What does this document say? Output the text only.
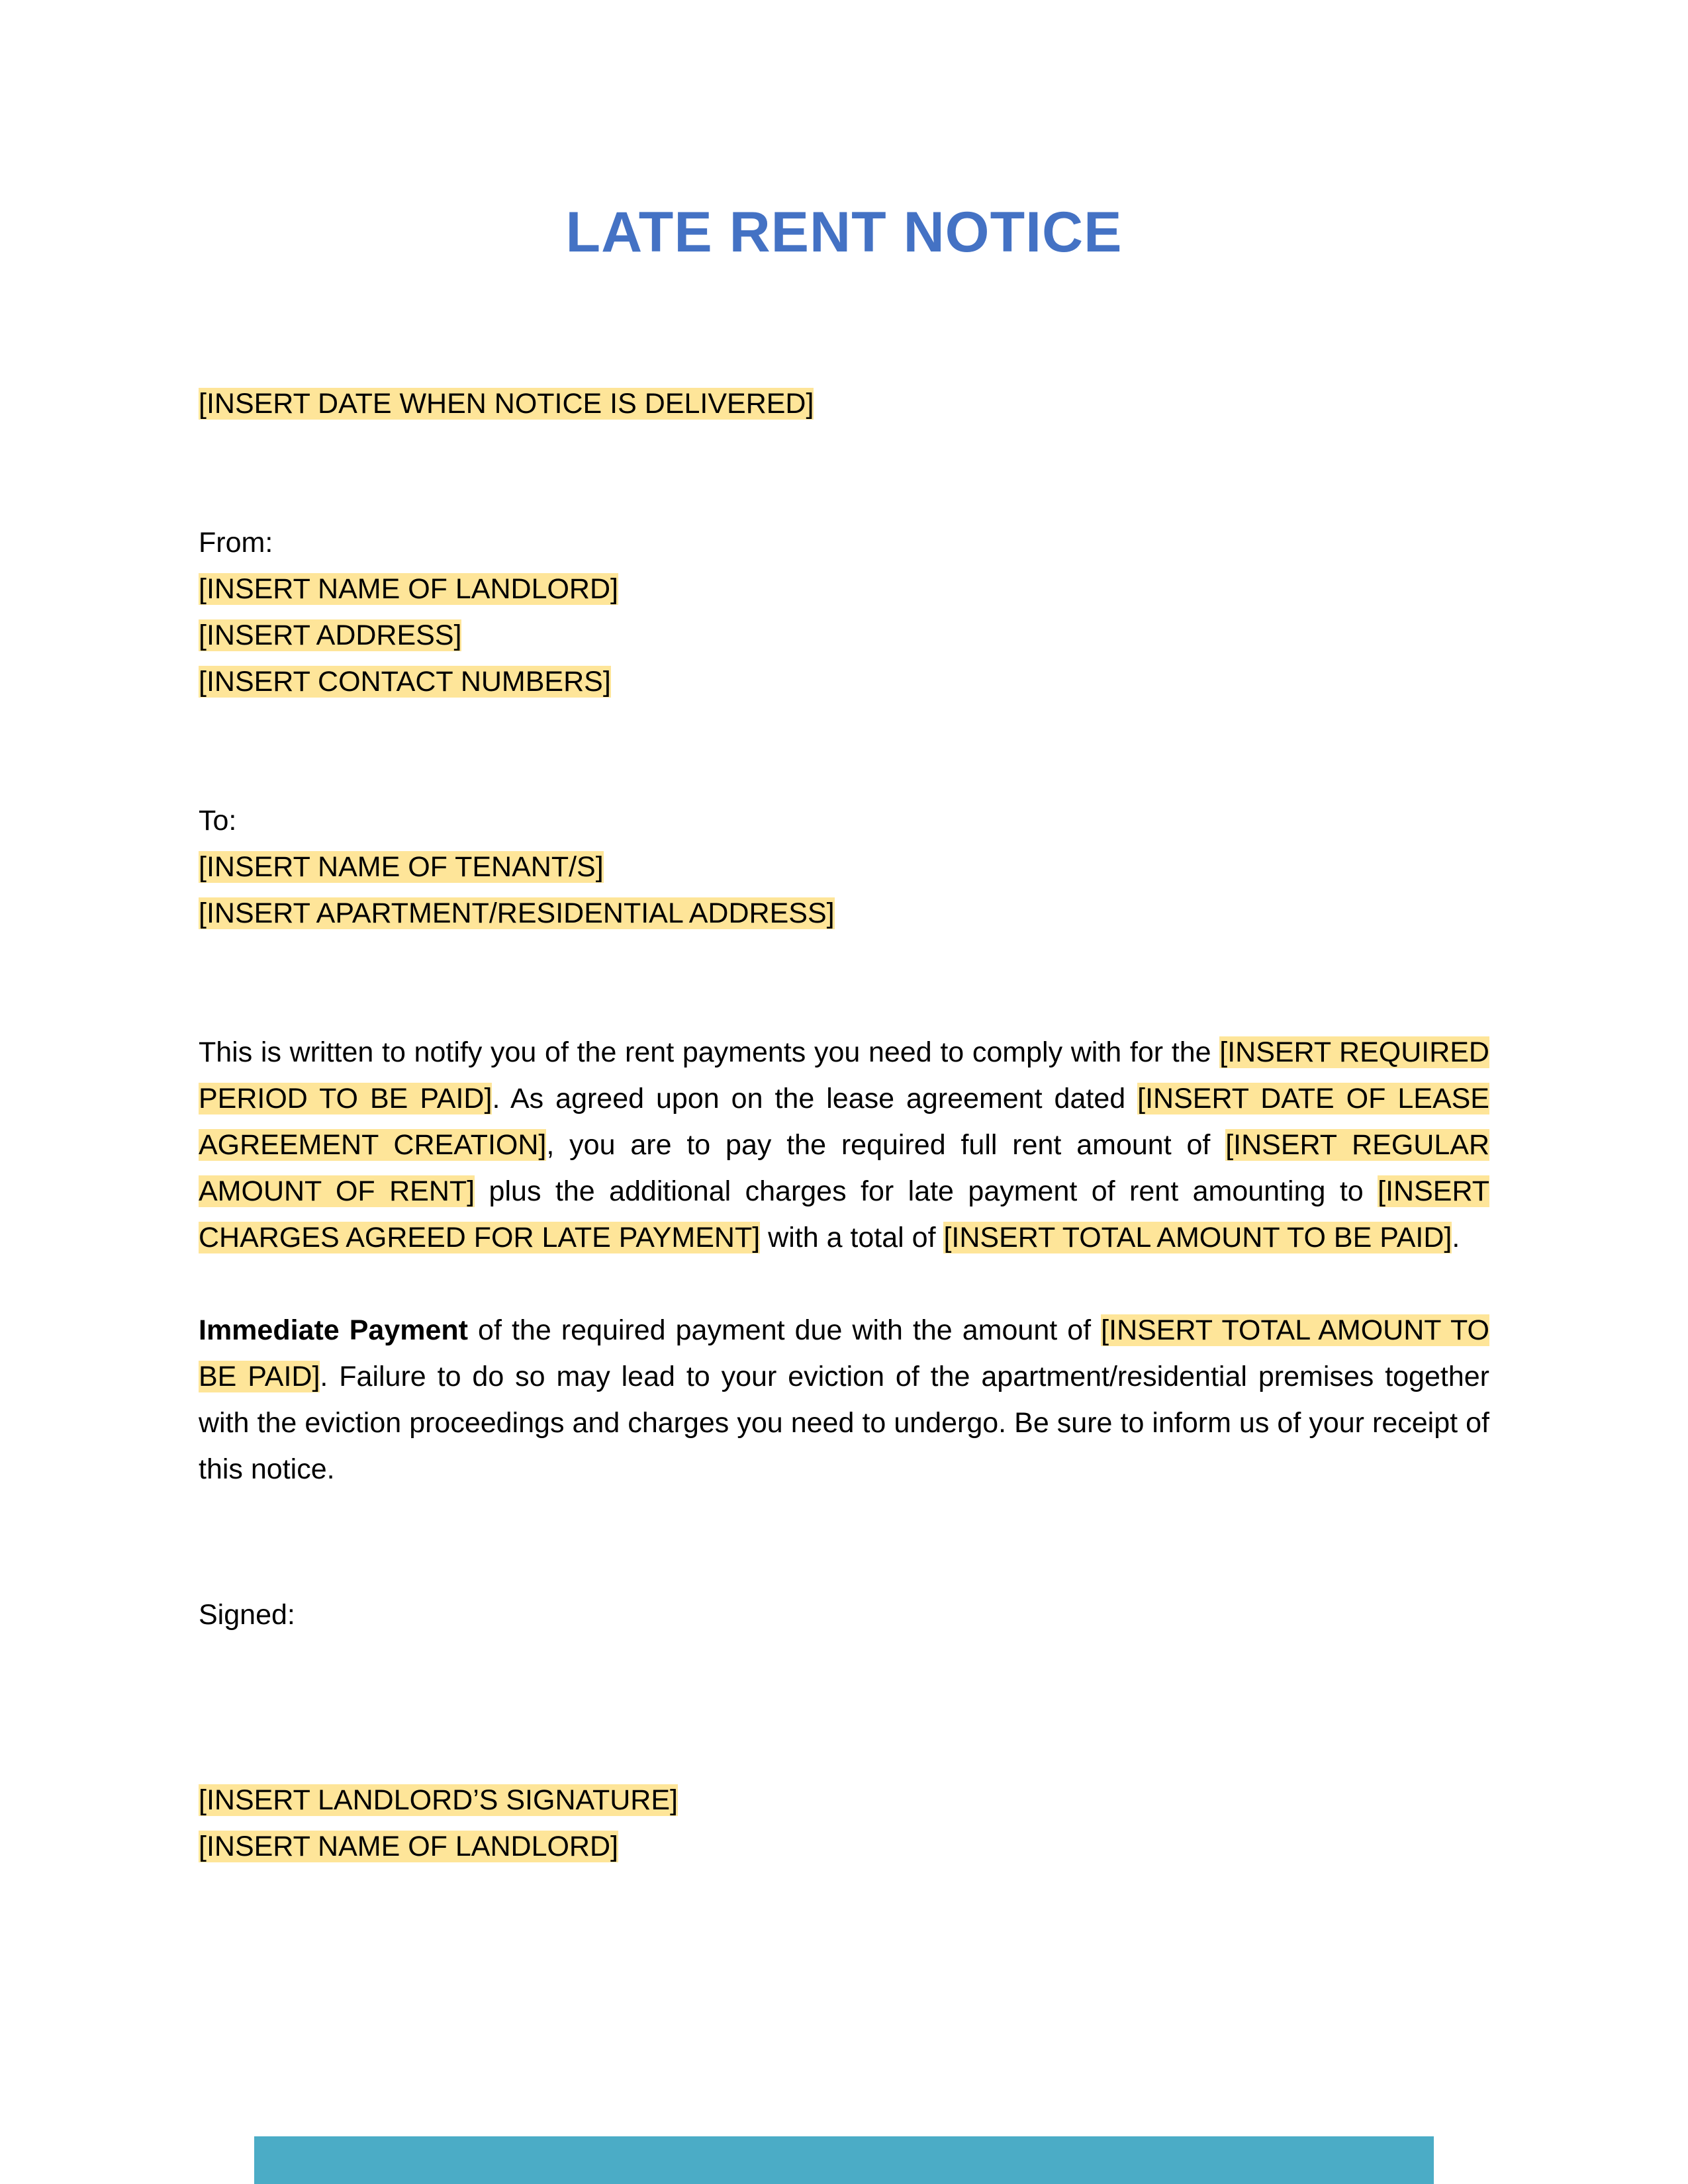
LATE RENT NOTICE
[INSERT DATE WHEN NOTICE IS DELIVERED]
From:
[INSERT NAME OF LANDLORD]
[INSERT ADDRESS]
[INSERT CONTACT NUMBERS]
To:
[INSERT NAME OF TENANT/S]
[INSERT APARTMENT/RESIDENTIAL ADDRESS]
This is written to notify you of the rent payments you need to comply with for the [INSERT REQUIRED PERIOD TO BE PAID]. As agreed upon on the lease agreement dated [INSERT DATE OF LEASE AGREEMENT CREATION], you are to pay the required full rent amount of [INSERT REGULAR AMOUNT OF RENT] plus the additional charges for late payment of rent amounting to [INSERT CHARGES AGREED FOR LATE PAYMENT] with a total of [INSERT TOTAL AMOUNT TO BE PAID].
Immediate Payment of the required payment due with the amount of [INSERT TOTAL AMOUNT TO BE PAID]. Failure to do so may lead to your eviction of the apartment/residential premises together with the eviction proceedings and charges you need to undergo. Be sure to inform us of your receipt of this notice.
Signed:
[INSERT LANDLORD’S SIGNATURE]
[INSERT NAME OF LANDLORD]
